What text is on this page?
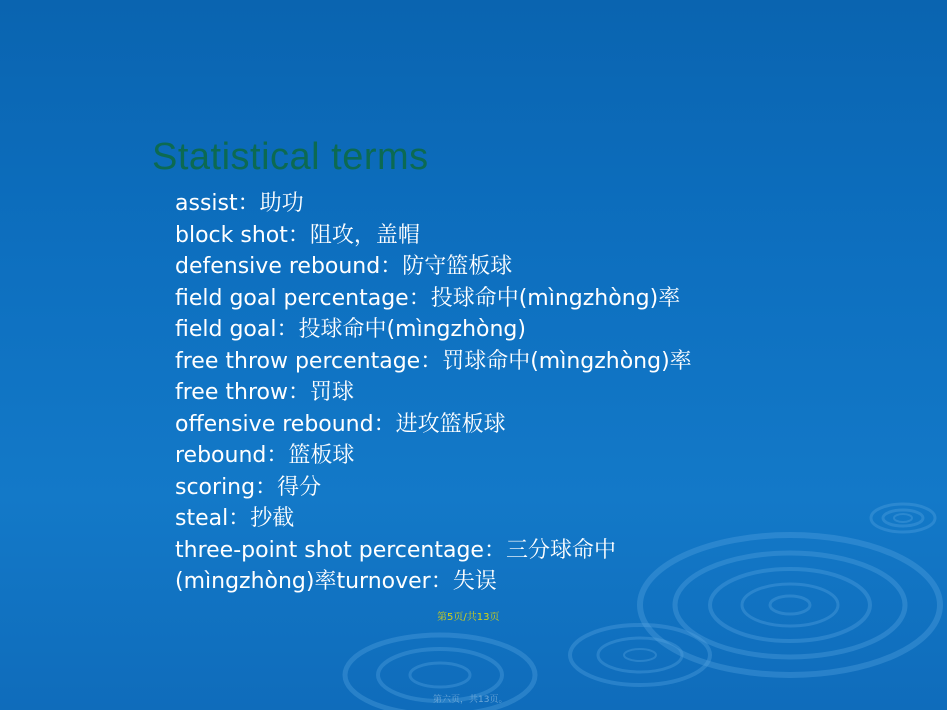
Statistical terms
assist：助功
block shot：阻攻，盖帽
defensive rebound：防守篮板球
field goal percentage：投球命中(mìngzhòng)率
field goal：投球命中(mìngzhòng)
free throw percentage：罚球命中(mìngzhòng)率
free throw：罚球
offensive rebound：进攻篮板球
rebound：篮板球
scoring：得分
steal：抄截
three-point shot percentage：三分球命中
(mìngzhòng)率turnover：失误
第5页/共13页
第六页，共13页。
